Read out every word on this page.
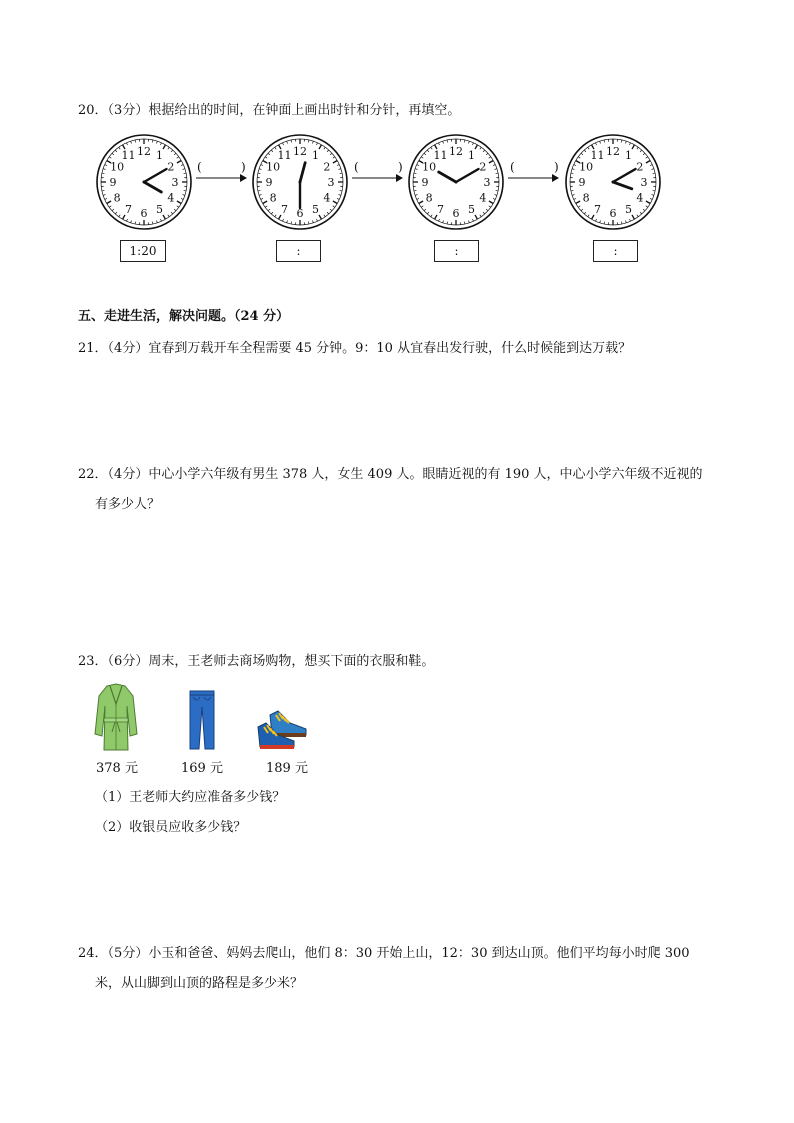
20．（3分）根据给出的时间，在钟面上画出时针和分针，再填空。
12 1
2
3
4
5
6
7
8
9
10
11	12 1
2
3
4
5
6
7
8
9
10
11	12 1
2
3
4
5
6
7
8
9
10
11	12 1
2
3
4
5
6
7
8
9
10
11
(	)	(	)	(	)
1:20	:	:	:
五、走进生活，解决问题。（24 分）
21．（4分）宜春到万载开车全程需要 45 分钟。9：10 从宜春出发行驶，什么时候能到达万载？
22．（4分）中心小学六年级有男生 378 人，女生 409 人。眼睛近视的有 190 人，中心小学六年级不近视的
有多少人？
23．（6分）周末，王老师去商场购物，想买下面的衣服和鞋。
378 元	169 元	189 元
（1）王老师大约应准备多少钱？
（2）收银员应收多少钱？
24．（5分）小玉和爸爸、妈妈去爬山，他们 8：30 开始上山，12：30 到达山顶。他们平均每小时爬 300
米，从山脚到山顶的路程是多少米？
